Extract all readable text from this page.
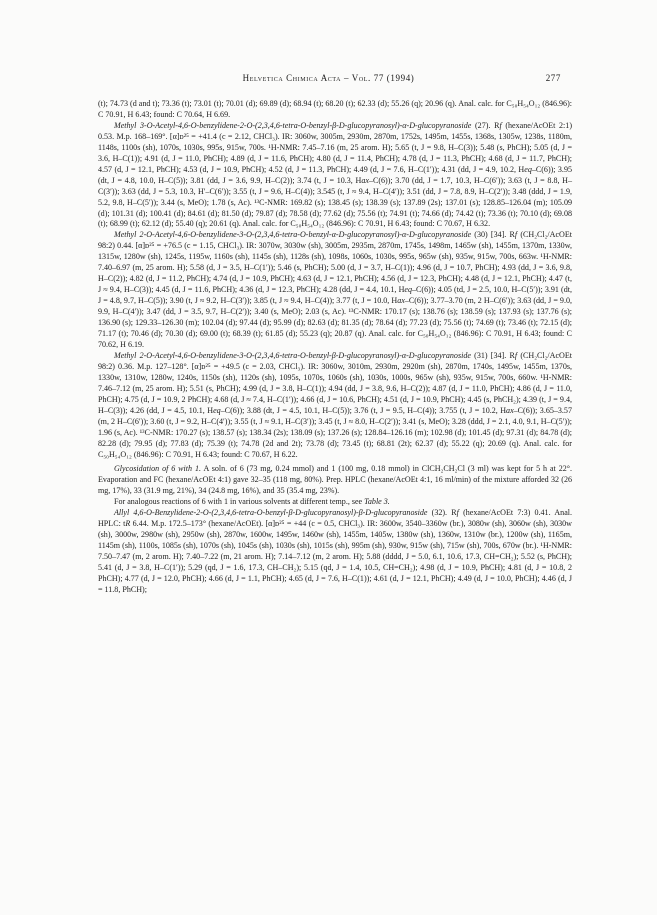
Helvetica Chimica Acta – Vol. 77 (1994)	277

(t); 74.73 (d and t); 73.36 (t); 73.01 (t); 70.01 (d); 69.89 (d); 68.94 (t); 68.20 (t); 62.33 (d); 55.26 (q); 20.96 (q). Anal. calc. for C₅₀H₅₄O₁₂ (846.96): C 70.91, H 6.43; found: C 70.64, H 6.69.

Methyl 3-O-Acetyl-4,6-O-benzylidene-2-O-(2,3,4,6-tetra-O-benzyl-β-D-glucopyranosyl)-α-D-glucopyranoside (27). Rf (hexane/AcOEt 2:1) 0.53. M.p. 168–169°. [α]ᴅ²⁵ = +41.4 (c = 2.12, CHCl₃). IR: 3060w, 3005m, 2930m, 2870m, 1752s, 1495m, 1455s, 1368s, 1305w, 1238s, 1180m, 1148s, 1100s (sh), 1070s, 1030s, 995s, 915w, 700s. ¹H-NMR: 7.45–7.16 (m, 25 arom. H); 5.65 (t, J = 9.8, H–C(3)); 5.48 (s, PhCH); 5.05 (d, J = 3.6, H–C(1)); 4.91 (d, J = 11.0, PhCH); 4.89 (d, J = 11.6, PhCH); 4.80 (d, J = 11.4, PhCH); 4.78 (d, J = 11.3, PhCH); 4.68 (d, J = 11.7, PhCH); 4.57 (d, J = 12.1, PhCH); 4.53 (d, J = 10.9, PhCH); 4.52 (d, J = 11.3, PhCH); 4.49 (d, J = 7.6, H–C(1′)); 4.31 (dd, J = 4.9, 10.2, Heq–C(6)); 3.95 (dt, J = 4.8, 10.0, H–C(5)); 3.81 (dd, J = 3.6, 9.9, H–C(2)); 3.74 (t, J = 10.3, Hax–C(6)); 3.70 (dd, J = 1.7, 10.3, H–C(6′)); 3.63 (t, J = 8.8, H–C(3′)); 3.63 (dd, J = 5.3, 10.3, H′–C(6′)); 3.55 (t, J = 9.6, H–C(4)); 3.545 (t, J ≈ 9.4, H–C(4′)); 3.51 (dd, J = 7.8, 8.9, H–C(2′)); 3.48 (ddd, J = 1.9, 5.2, 9.8, H–C(5′)); 3.44 (s, MeO); 1.78 (s, Ac). ¹³C-NMR: 169.82 (s); 138.45 (s); 138.39 (s); 137.89 (2s); 137.01 (s); 128.85–126.04 (m); 105.09 (d); 101.31 (d); 100.41 (d); 84.61 (d); 81.50 (d); 79.87 (d); 78.58 (d); 77.62 (d); 75.56 (t); 74.91 (t); 74.66 (d); 74.42 (t); 73.36 (t); 70.10 (d); 69.08 (t); 68.99 (t); 62.12 (d); 55.40 (q); 20.61 (q). Anal. calc. for C₅₀H₅₄O₁₂ (846.96): C 70.91, H 6.43; found: C 70.67, H 6.32.

Methyl 2-O-Acetyl-4,6-O-benzylidene-3-O-(2,3,4,6-tetra-O-benzyl-α-D-glucopyranosyl)-α-D-glucopyranoside (30) [34]. Rf (CH₂Cl₂/AcOEt 98:2) 0.44. [α]ᴅ²⁵ = +76.5 (c = 1.15, CHCl₃). IR: 3070w, 3030w (sh), 3005m, 2935m, 2870m, 1745s, 1498m, 1465w (sh), 1455m, 1370m, 1330w, 1315w, 1280w (sh), 1245s, 1195w, 1160s (sh), 1145s (sh), 1128s (sh), 1098s, 1060s, 1030s, 995s, 965w (sh), 935w, 915w, 700s, 663w. ¹H-NMR: 7.40–6.97 (m, 25 arom. H); 5.58 (d, J = 3.5, H–C(1′)); 5.46 (s, PhCH); 5.00 (d, J = 3.7, H–C(1)); 4.96 (d, J = 10.7, PhCH); 4.93 (dd, J = 3.6, 9.8, H–C(2)); 4.82 (d, J = 11.2, PhCH); 4.74 (d, J = 10.9, PhCH); 4.63 (d, J = 12.1, PhCH); 4.56 (d, J = 12.3, PhCH); 4.48 (d, J = 12.1, PhCH); 4.47 (t, J ≈ 9.4, H–C(3)); 4.45 (d, J = 11.6, PhCH); 4.36 (d, J = 12.3, PhCH); 4.28 (dd, J = 4.4, 10.1, Heq–C(6)); 4.05 (td, J = 2.5, 10.0, H–C(5′)); 3.91 (dt, J = 4.8, 9.7, H–C(5)); 3.90 (t, J ≈ 9.2, H–C(3′)); 3.85 (t, J ≈ 9.4, H–C(4)); 3.77 (t, J = 10.0, Hax–C(6)); 3.77–3.70 (m, 2 H–C(6′)); 3.63 (dd, J = 9.0, 9.9, H–C(4′)); 3.47 (dd, J = 3.5, 9.7, H–C(2′)); 3.40 (s, MeO); 2.03 (s, Ac). ¹³C-NMR: 170.17 (s); 138.76 (s); 138.59 (s); 137.93 (s); 137.76 (s); 136.90 (s); 129.33–126.30 (m); 102.04 (d); 97.44 (d); 95.99 (d); 82.63 (d); 81.35 (d); 78.64 (d); 77.23 (d); 75.56 (t); 74.69 (t); 73.46 (t); 72.15 (d); 71.17 (t); 70.46 (d); 70.30 (d); 69.00 (t); 68.39 (t); 61.85 (d); 55.23 (q); 20.87 (q). Anal. calc. for C₅₀H₅₄O₁₂ (846.96): C 70.91, H 6.43; found: C 70.62, H 6.19.

Methyl 2-O-Acetyl-4,6-O-benzylidene-3-O-(2,3,4,6-tetra-O-benzyl-β-D-glucopyranosyl)-α-D-glucopyranoside (31) [34]. Rf (CH₂Cl₂/AcOEt 98:2) 0.36. M.p. 127–128°. [α]ᴅ²⁵ = +49.5 (c = 2.03, CHCl₃). IR: 3060w, 3010m, 2930m, 2920m (sh), 2870m, 1740s, 1495w, 1455m, 1370s, 1330w, 1310w, 1280w, 1240s, 1150s (sh), 1120s (sh), 1095s, 1070s, 1060s (sh), 1030s, 1000s, 965w (sh), 935w, 915w, 700s, 660w. ¹H-NMR: 7.46–7.12 (m, 25 arom. H); 5.51 (s, PhCH); 4.99 (d, J = 3.8, H–C(1)); 4.94 (dd, J = 3.8, 9.6, H–C(2)); 4.87 (d, J = 11.0, PhCH); 4.86 (d, J = 11.0, PhCH); 4.75 (d, J = 10.9, 2 PhCH); 4.68 (d, J ≈ 7.4, H–C(1′)); 4.66 (d, J = 10.6, PhCH); 4.51 (d, J = 10.9, PhCH); 4.45 (s, PhCH₂); 4.39 (t, J = 9.4, H–C(3)); 4.26 (dd, J = 4.5, 10.1, Heq–C(6)); 3.88 (dt, J = 4.5, 10.1, H–C(5)); 3.76 (t, J = 9.5, H–C(4)); 3.755 (t, J = 10.2, Hax–C(6)); 3.65–3.57 (m, 2 H–C(6′)); 3.60 (t, J = 9.2, H–C(4′)); 3.55 (t, J ≈ 9.1, H–C(3′)); 3.45 (t, J ≈ 8.0, H–C(2′)); 3.41 (s, MeO); 3.28 (ddd, J = 2.1, 4.0, 9.1, H–C(5′)); 1.96 (s, Ac). ¹³C-NMR: 170.27 (s); 138.57 (s); 138.34 (2s); 138.09 (s); 137.26 (s); 128.84–126.16 (m); 102.98 (d); 101.45 (d); 97.31 (d); 84.78 (d); 82.28 (d); 79.95 (d); 77.83 (d); 75.39 (t); 74.78 (2d and 2t); 73.78 (d); 73.45 (t); 68.81 (2t); 62.37 (d); 55.22 (q); 20.69 (q). Anal. calc. for C₅₀H₅₄O₁₂ (846.96): C 70.91, H 6.43; found: C 70.67, H 6.22.

Glycosidation of 6 with 1. A soln. of 6 (73 mg, 0.24 mmol) and 1 (100 mg, 0.18 mmol) in ClCH₂CH₂Cl (3 ml) was kept for 5 h at 22°. Evaporation and FC (hexane/AcOEt 4:1) gave 32–35 (118 mg, 80%). Prep. HPLC (hexane/AcOEt 4:1, 16 ml/min) of the mixture afforded 32 (26 mg, 17%), 33 (31.9 mg, 21%), 34 (24.8 mg, 16%), and 35 (35.4 mg, 23%).

For analogous reactions of 6 with 1 in various solvents at different temp., see Table 3.

Allyl 4,6-O-Benzylidene-2-O-(2,3,4,6-tetra-O-benzyl-β-D-glucopyranosyl)-β-D-glucopyranoside (32). Rf (hexane/AcOEt 7:3) 0.41. Anal. HPLC: tR 6.44. M.p. 172.5–173° (hexane/AcOEt). [α]ᴅ²⁵ = +44 (c = 0.5, CHCl₃). IR: 3600w, 3540–3360w (br.), 3080w (sh), 3060w (sh), 3030w (sh), 3000w, 2980w (sh), 2950w (sh), 2870w, 1600w, 1495w, 1460w (sh), 1455m, 1405w, 1380w (sh), 1360w, 1310w (br.), 1200w (sh), 1165m, 1145m (sh), 1100s, 1085s (sh), 1070s (sh), 1045s (sh), 1030s (sh), 1015s (sh), 995m (sh), 930w, 915w (sh), 715w (sh), 700s, 670w (br.). ¹H-NMR: 7.50–7.47 (m, 2 arom. H); 7.40–7.22 (m, 21 arom. H); 7.14–7.12 (m, 2 arom. H); 5.88 (dddd, J = 5.0, 6.1, 10.6, 17.3, CH=CH₂); 5.52 (s, PhCH); 5.41 (d, J = 3.8, H–C(1′)); 5.29 (qd, J = 1.6, 17.3, CH–CH₂); 5.15 (qd, J = 1.4, 10.5, CH=CH₂); 4.98 (d, J = 10.9, PhCH); 4.81 (d, J = 10.8, 2 PhCH); 4.77 (d, J = 12.0, PhCH); 4.66 (d, J = 1.1, PhCH); 4.65 (d, J = 7.6, H–C(1)); 4.61 (d, J = 12.1, PhCH); 4.49 (d, J = 10.0, PhCH); 4.46 (d, J = 11.8, PhCH);
